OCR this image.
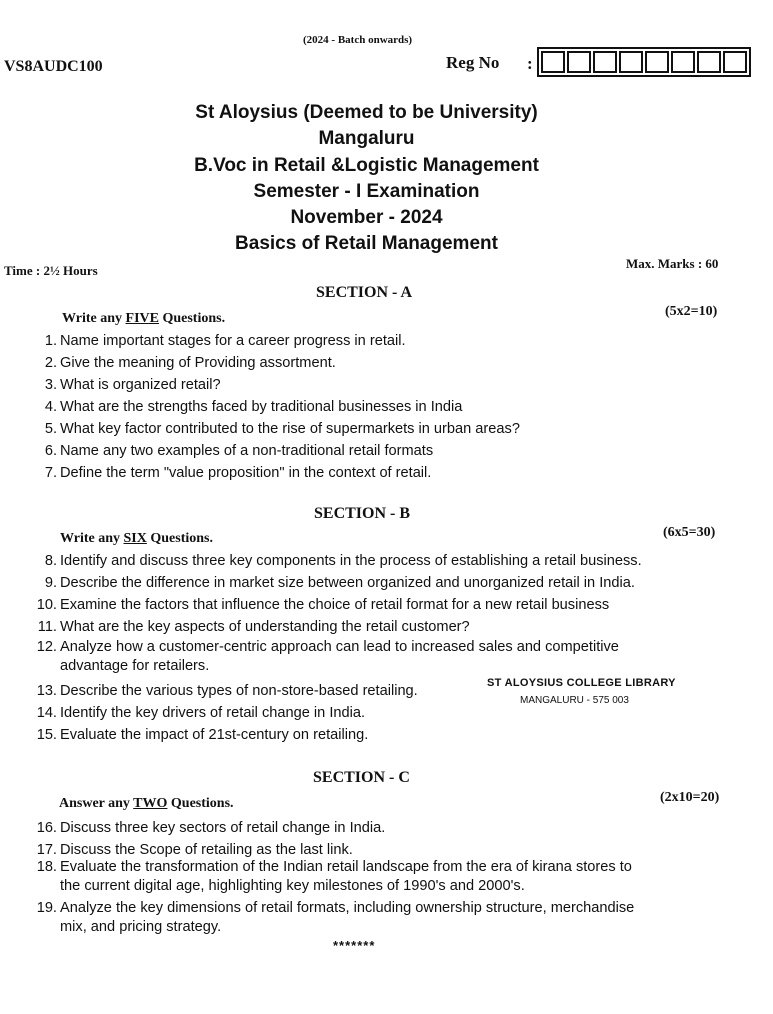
(2024 - Batch onwards)
VS8AUDC100	Reg No :
St Aloysius (Deemed to be University)
Mangaluru
B.Voc in Retail &Logistic Management
Semester - I Examination
November - 2024
Basics of Retail Management
Time : 2½ Hours	Max. Marks : 60
SECTION - A
Write any FIVE Questions.	(5x2=10)
1. Name important stages for a career progress in retail.
2. Give the meaning of Providing assortment.
3. What is organized retail?
4. What are the strengths faced by traditional businesses in India
5. What key factor contributed to the rise of supermarkets in urban areas?
6. Name any two examples of a non-traditional retail formats
7. Define the term "value proposition" in the context of retail.
SECTION - B
Write any SIX Questions.	(6x5=30)
8. Identify and discuss three key components in the process of establishing a retail business.
9. Describe the difference in market size between organized and unorganized retail in India.
10. Examine the factors that influence the choice of retail format for a new retail business
11. What are the key aspects of understanding the retail customer?
12. Analyze how a customer-centric approach can lead to increased sales and competitive
advantage for retailers.
13. Describe the various types of non-store-based retailing.
14. Identify the key drivers of retail change in India.
15. Evaluate the impact of 21st-century on retailing.
ST ALOYSIUS COLLEGE LIBRARY
MANGALURU - 575 003
SECTION - C
Answer any TWO Questions.	(2x10=20)
16. Discuss three key sectors of retail change in India.
17. Discuss the Scope of retailing as the last link.
18. Evaluate the transformation of the Indian retail landscape from the era of kirana stores to
the current digital age, highlighting key milestones of 1990's and 2000's.
19. Analyze the key dimensions of retail formats, including ownership structure, merchandise
mix, and pricing strategy.
*******
